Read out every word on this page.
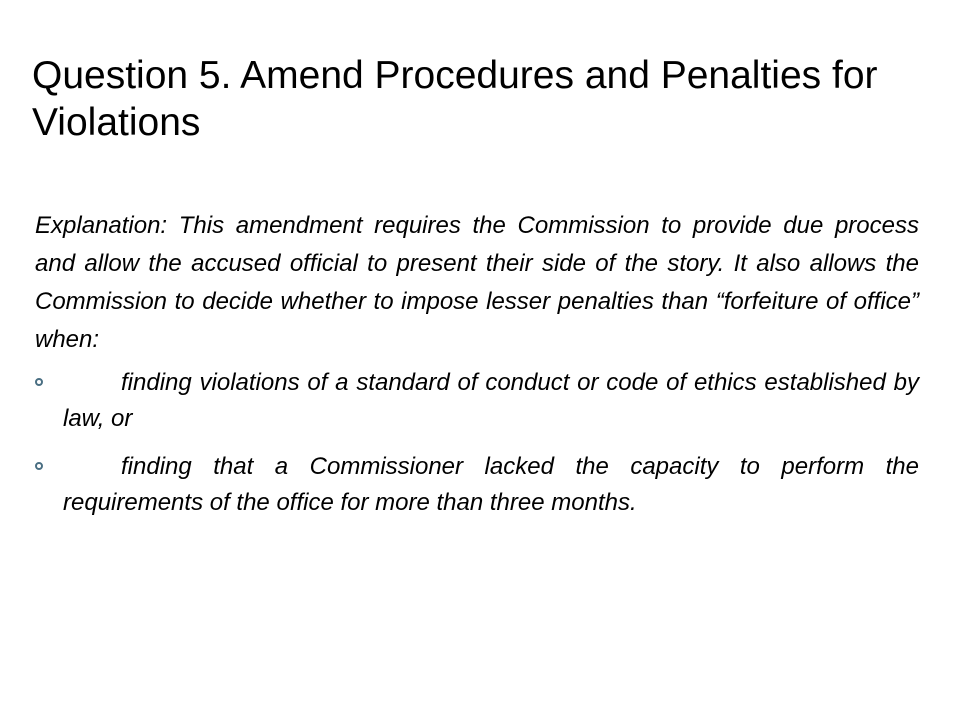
Question 5. Amend Procedures and Penalties for Violations

Explanation: This amendment requires the Commission to provide due process and allow the accused official to present their side of the story. It also allows the Commission to decide whether to impose lesser penalties than “forfeiture of office” when:

finding violations of a standard of conduct or code of ethics established by law, or
finding that a Commissioner lacked the capacity to perform the requirements of the office for more than three months.
